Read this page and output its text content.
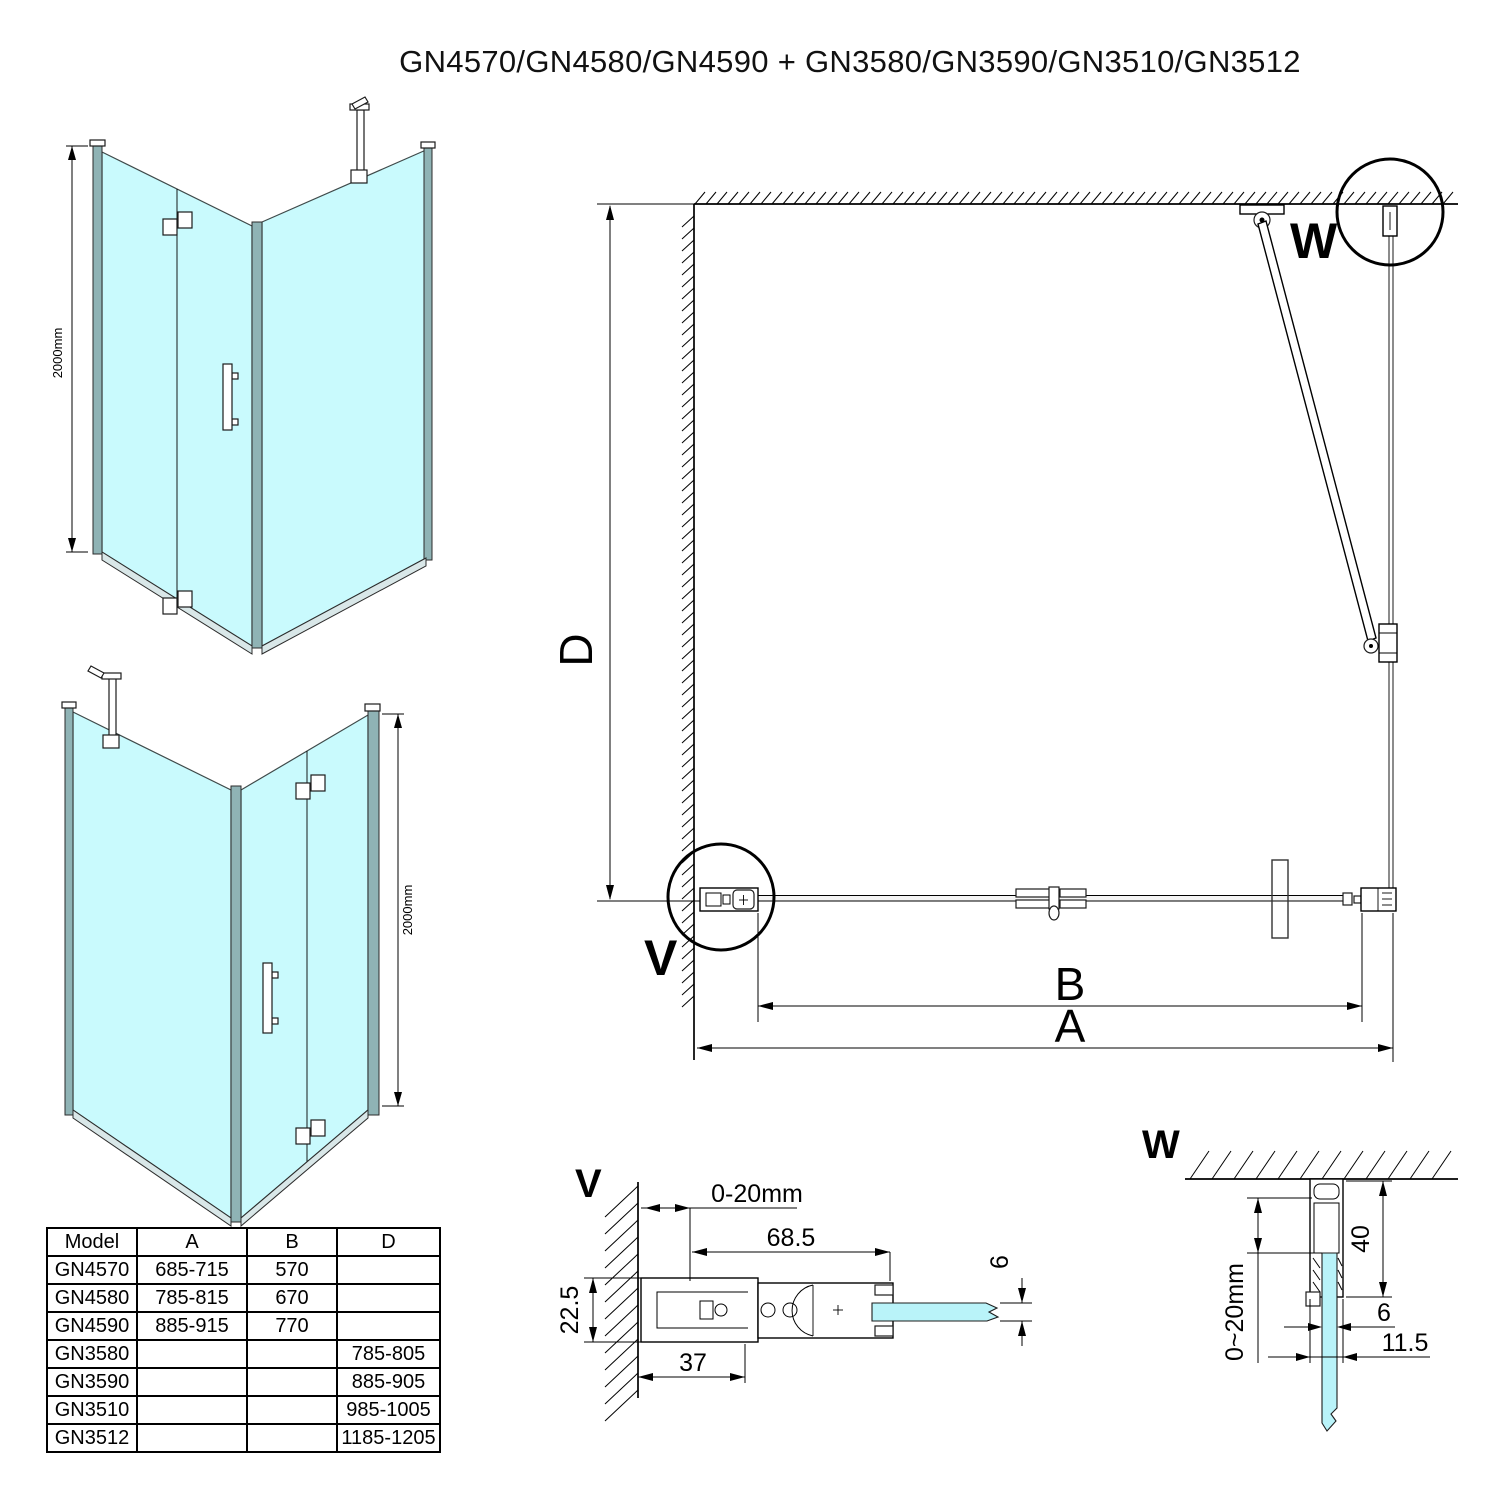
GN4570/GN4580/GN4590 + GN3580/GN3590/GN3510/GN3512
2000mm
2000mm
D
B
A
V
W
V	0-20mm
68.5
22.5
37
6
W
40
0~20mm	6
11.5
Model	A	B	D
GN4570	685-715	570	
GN4580	785-815	670	
GN4590	885-915	770	
GN3580			785-805
GN3590			885-905
GN3510			985-1005
GN3512			1185-1205
